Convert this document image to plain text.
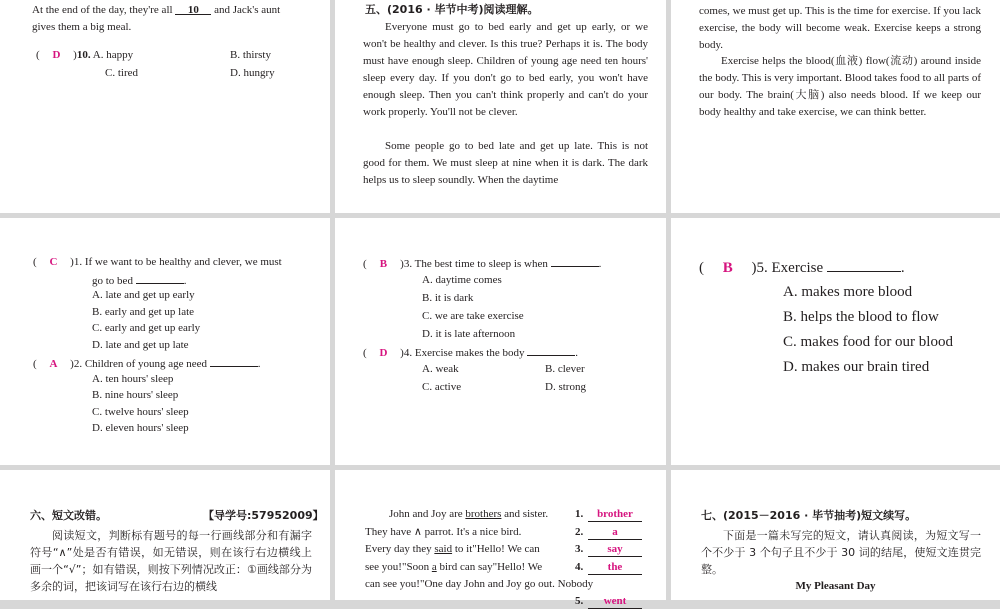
At the end of the day, they're all 10 and Jack's aunt
gives them a big meal.
( D )10. A. happy	B. thirsty
C. tired	D. hungry
五、(2016 · 毕节中考)阅读理解。
Everyone must go to bed early and get up early, or we won't be healthy and clever. Is this true? Perhaps it is. The body must have enough sleep. Children of young age need ten hours' sleep every day. If you don't go to bed early, you won't have enough sleep. Then you can't think properly and can't do your work properly. You'll not be clever.
Some people go to bed late and get up late. This is not good for them. We must sleep at nine when it is dark. The dark helps us to sleep soundly. When the daytime
comes, we must get up. This is the time for exercise. If you lack exercise, the body will become weak. Exercise keeps a strong body.
Exercise helps the blood(血液) flow(流动) around inside the body. This is very important. Blood takes food to all parts of our body. The brain(大脑) also needs blood. If we keep our body healthy and take exercise, we can think better.
( C )1. If we want to be healthy and clever, we must
go to bed	.
A. late and get up early
B. early and get up late
C. early and get up early
D. late and get up late
( A )2. Children of young age need	.
A. ten hours' sleep
B. nine hours' sleep
C. twelve hours' sleep
D. eleven hours' sleep
( B )3. The best time to sleep is when	.
A. daytime comes
B. it is dark
C. we are take exercise
D. it is late afternoon
( D )4. Exercise makes the body	.
A. weak	B. clever
C. active	D. strong
( B )5. Exercise	.
A. makes more blood
B. helps the blood to flow
C. makes food for our blood
D. makes our brain tired
六、短文改错。	【导学号:57952009】
阅读短文，判断标有题号的每一行画线部分和有漏字符号“∧”处是否有错误，如无错误，则在该行右边横线上画一个“√”；如有错误，则按下列情况改正：①画线部分为多余的词，把该词写在该行右边的横线
John and Joy are brothers and sister.
They have ∧ parrot. It's a nice bird.
Every day they said to it"Hello! We can
see you!"Soon a bird can say"Hello! We
can see you!"One day John and Joy go out. Nobody
1.	brother
2.	a
3.	say
4.	the
5.	went
七、(2015－2016 · 毕节抽考)短文续写。
下面是一篇未写完的短文，请认真阅读，为短文写一个不少于 3 个句子且不少于 30 词的结尾，使短文连贯完整。
My Pleasant Day
